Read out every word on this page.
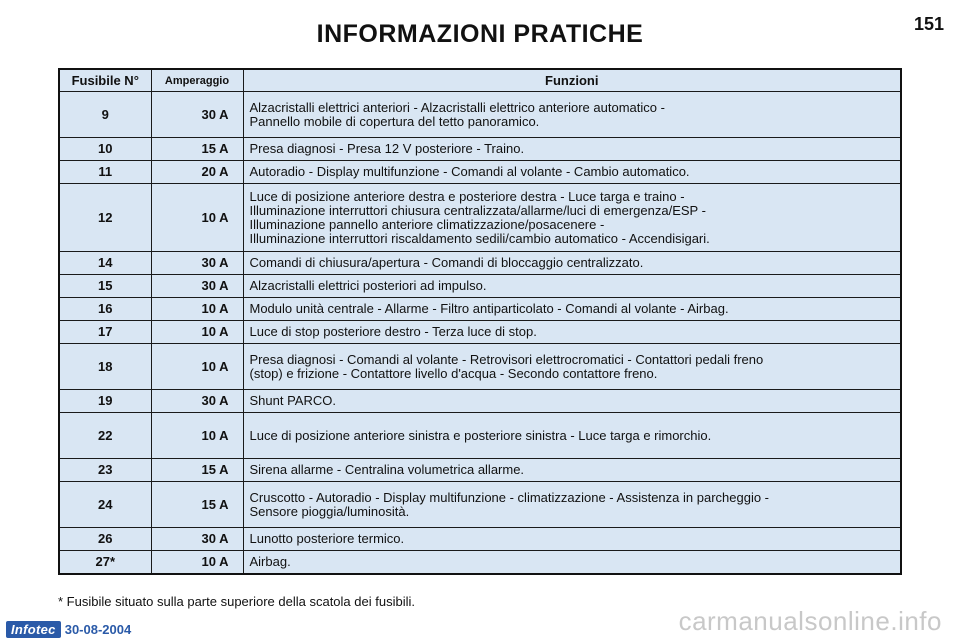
INFORMAZIONI PRATICHE	151
Fusibile N°	Amperaggio	Funzioni
9	30 A	Alzacristalli elettrici anteriori - Alzacristalli elettrico anteriore automatico -
Pannello mobile di copertura del tetto panoramico.

10	15 A	Presa diagnosi - Presa 12 V posteriore - Traino.

11	20 A	Autoradio - Display multifunzione - Comandi al volante - Cambio automatico.

12	10 A	Luce di posizione anteriore destra e posteriore destra - Luce targa e traino -
Illuminazione interruttori chiusura centralizzata/allarme/luci di emergenza/ESP -
Illuminazione pannello anteriore climatizzazione/posacenere -
Illuminazione interruttori riscaldamento sedili/cambio automatico - Accendisigari.

14	30 A	Comandi di chiusura/apertura - Comandi di bloccaggio centralizzato.

15	30 A	Alzacristalli elettrici posteriori ad impulso.

16	10 A	Modulo unità centrale - Allarme - Filtro antiparticolato - Comandi al volante - Airbag.

17	10 A	Luce di stop posteriore destro - Terza luce di stop.

18	10 A	Presa diagnosi - Comandi al volante - Retrovisori elettrocromatici - Contattori pedali freno
(stop) e frizione - Contattore livello d'acqua - Secondo contattore freno.

19	30 A	Shunt PARCO.

22	10 A	Luce di posizione anteriore sinistra e posteriore sinistra - Luce targa e rimorchio.

23	15 A	Sirena allarme - Centralina volumetrica allarme.

24	15 A	Cruscotto - Autoradio - Display multifunzione - climatizzazione - Assistenza in parcheggio -
Sensore pioggia/luminosità.

26	30 A	Lunotto posteriore termico.

27*	10 A	Airbag.
* Fusibile situato sulla parte superiore della scatola dei fusibili.
Infotec 30-08-2004	carmanualsonline.info
